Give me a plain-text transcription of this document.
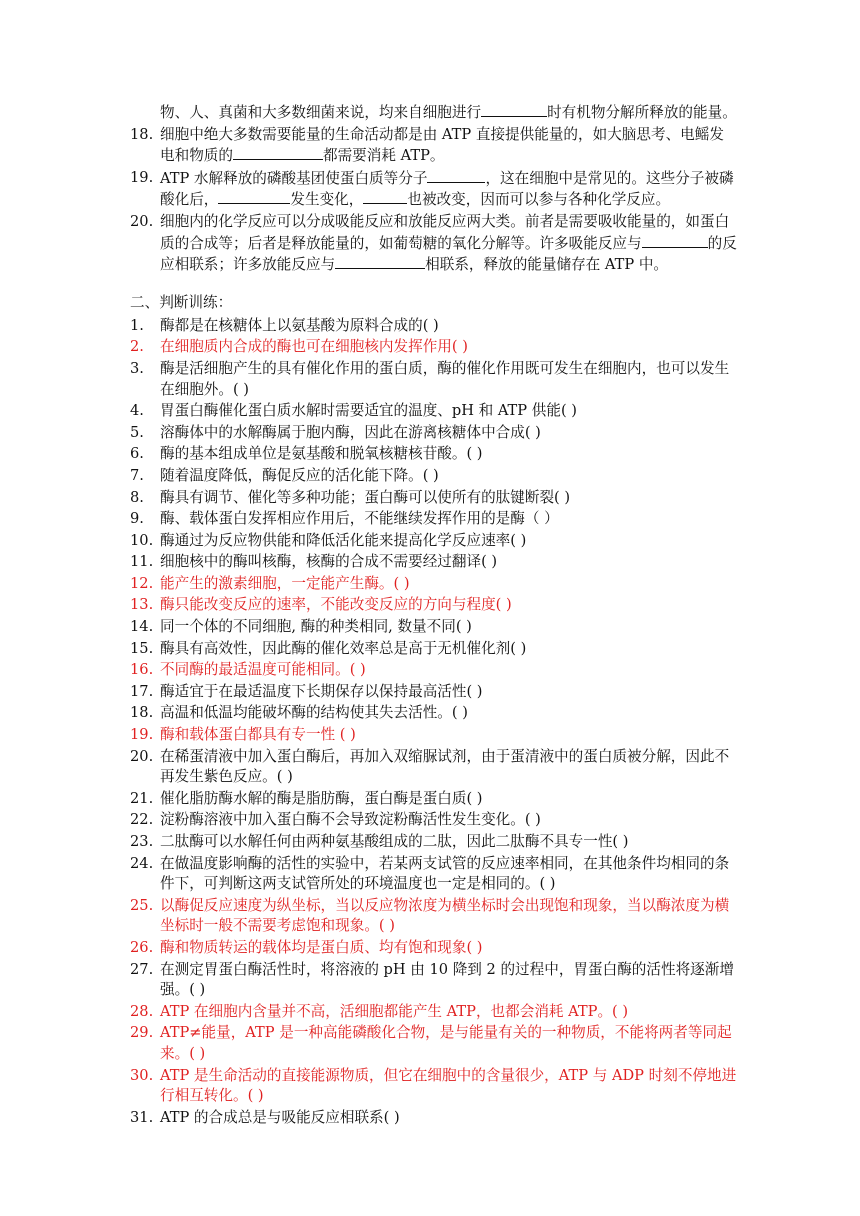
物、人、真菌和大多数细菌来说，均来自细胞进行	时有机物分解所释放的能量。
18. 细胞中绝大多数需要能量的生命活动都是由 ATP 直接提供能量的，如大脑思考、电鳐发电和物质的	都需要消耗 ATP。
19. ATP 水解释放的磷酸基团使蛋白质等分子	，这在细胞中是常见的。这些分子被磷酸化后，	发生变化，	也被改变，因而可以参与各种化学反应。
20. 细胞内的化学反应可以分成吸能反应和放能反应两大类。前者是需要吸收能量的，如蛋白质的合成等；后者是释放能量的，如葡萄糖的氧化分解等。许多吸能反应与	的反应相联系；许多放能反应与	相联系，释放的能量储存在 ATP 中。
二、判断训练：
1.	酶都是在核糖体上以氨基酸为原料合成的( )
2.	在细胞质内合成的酶也可在细胞核内发挥作用( )
3.	酶是活细胞产生的具有催化作用的蛋白质，酶的催化作用既可发生在细胞内，也可以发生在细胞外。( )
4.	胃蛋白酶催化蛋白质水解时需要适宜的温度、pH 和 ATP 供能( )
5.	溶酶体中的水解酶属于胞内酶，因此在游离核糖体中合成( )
6.	酶的基本组成单位是氨基酸和脱氧核糖核苷酸。( )
7.	随着温度降低，酶促反应的活化能下降。( )
8.	酶具有调节、催化等多种功能；蛋白酶可以使所有的肽键断裂( )
9.	酶、载体蛋白发挥相应作用后，不能继续发挥作用的是酶（ ）
10. 酶通过为反应物供能和降低活化能来提高化学反应速率( )
11. 细胞核中的酶叫核酶，核酶的合成不需要经过翻译( )
12. 能产生的激素细胞，一定能产生酶。( )
13. 酶只能改变反应的速率，不能改变反应的方向与程度( )
14. 同一个体的不同细胞, 酶的种类相同, 数量不同( )
15. 酶具有高效性，因此酶的催化效率总是高于无机催化剂( )
16. 不同酶的最适温度可能相同。( )
17. 酶适宜于在最适温度下长期保存以保持最高活性( )
18. 高温和低温均能破坏酶的结构使其失去活性。( )
19. 酶和载体蛋白都具有专一性 ( )
20. 在稀蛋清液中加入蛋白酶后，再加入双缩脲试剂，由于蛋清液中的蛋白质被分解，因此不再发生紫色反应。( )
21. 催化脂肪酶水解的酶是脂肪酶，蛋白酶是蛋白质( )
22. 淀粉酶溶液中加入蛋白酶不会导致淀粉酶活性发生变化。( )
23. 二肽酶可以水解任何由两种氨基酸组成的二肽，因此二肽酶不具专一性( )
24. 在做温度影响酶的活性的实验中，若某两支试管的反应速率相同，在其他条件均相同的条件下，可判断这两支试管所处的环境温度也一定是相同的。( )
25. 以酶促反应速度为纵坐标，当以反应物浓度为横坐标时会出现饱和现象，当以酶浓度为横坐标时一般不需要考虑饱和现象。( )
26. 酶和物质转运的载体均是蛋白质、均有饱和现象( )
27. 在测定胃蛋白酶活性时，将溶液的 pH 由 10 降到 2 的过程中，胃蛋白酶的活性将逐渐增强。( )
28. ATP 在细胞内含量并不高，活细胞都能产生 ATP，也都会消耗 ATP。( )
29. ATP≠能量，ATP 是一种高能磷酸化合物，是与能量有关的一种物质，不能将两者等同起来。( )
30. ATP 是生命活动的直接能源物质，但它在细胞中的含量很少，ATP 与 ADP 时刻不停地进行相互转化。( )
31. ATP 的合成总是与吸能反应相联系( )
